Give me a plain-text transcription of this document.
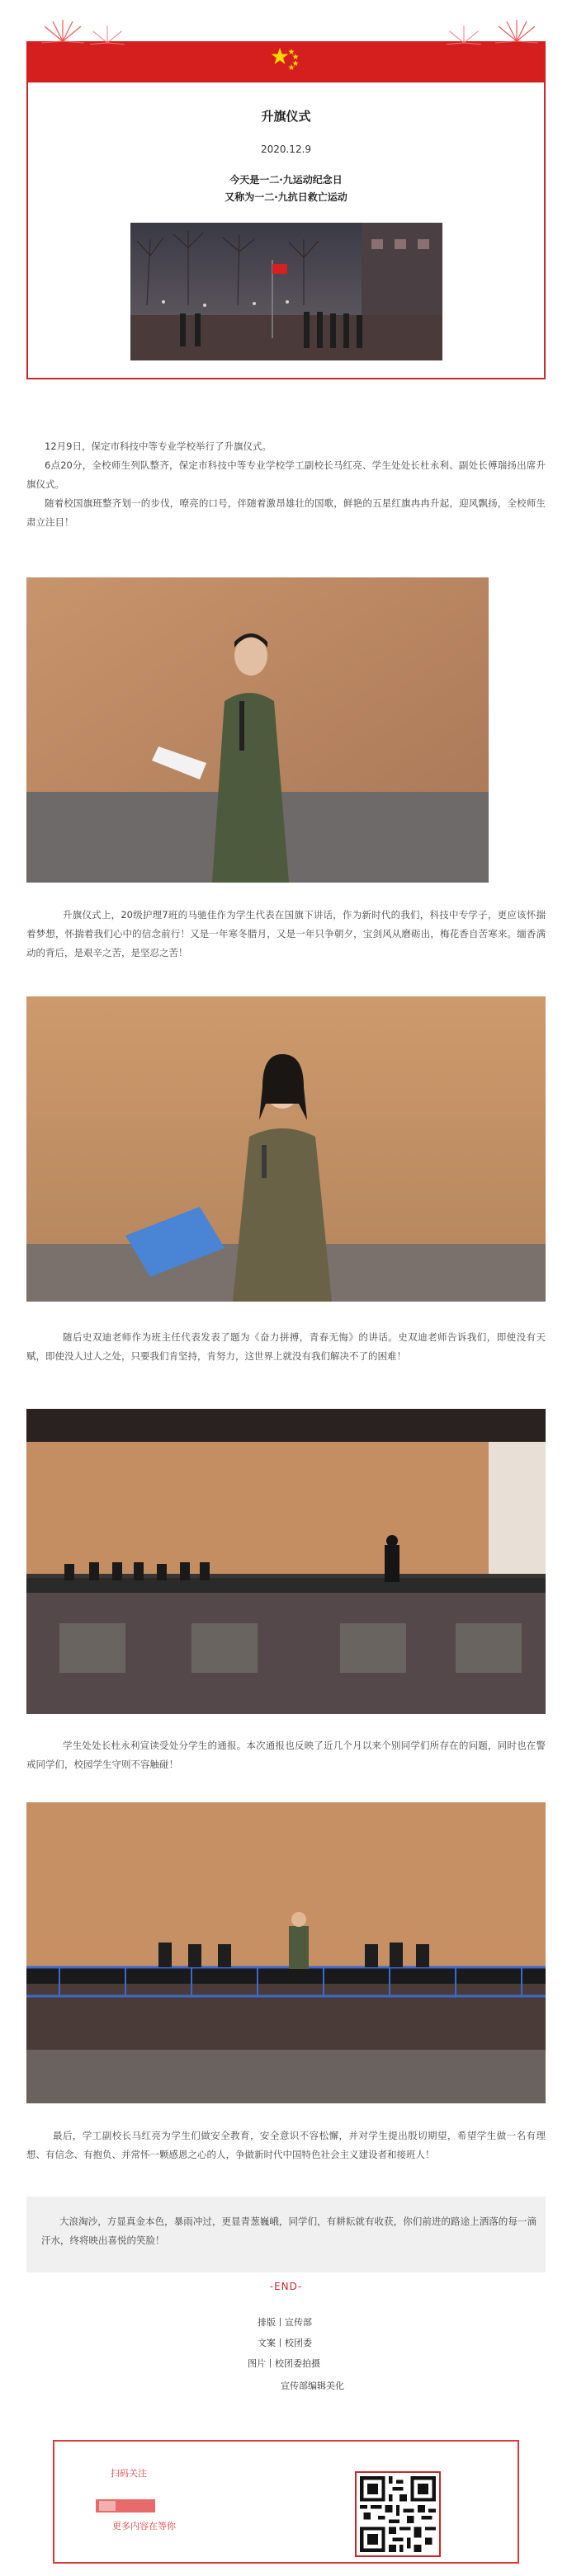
升旗仪式
2020.12.9
今天是一二·九运动纪念日
又称为一二·九抗日救亡运动
12月9日，保定市科技中等专业学校举行了升旗仪式。
6点20分，全校师生列队整齐，保定市科技中等专业学校学工副校长马红亮、学生处处长杜永利、副处长傅瑞扬出席升旗仪式。
随着校国旗班整齐划一的步伐，嘹亮的口号，伴随着激昂雄壮的国歌，鲜艳的五星红旗冉冉升起，迎风飘扬，全校师生肃立注目！
升旗仪式上，20级护理7班的马驰佳作为学生代表在国旗下讲话，作为新时代的我们，科技中专学子，更应该怀揣着梦想，怀揣着我们心中的信念前行！又是一年寒冬腊月，又是一年只争朝夕，宝剑风从磨砺出，梅花香自苦寒来。缅香满动的背后，是艰辛之苦，是坚忍之苦！
随后史双迪老师作为班主任代表发表了题为《奋力拼搏，青春无悔》的讲话。史双迪老师告诉我们，即使没有天赋，即使没人过人之处，只要我们肯坚持，肯努力，这世界上就没有我们解决不了的困难！
学生处处长杜永利宣读受处分学生的通报。本次通报也反映了近几个月以来个别同学们所存在的问题，同时也在警戒同学们，校园学生守则不容触碰！
最后，学工副校长马红亮为学生们做安全教育，安全意识不容松懈，并对学生提出殷切期望，希望学生做一名有理想、有信念、有抱负、并常怀一颗感恩之心的人，争做新时代中国特色社会主义建设者和接班人！
大浪淘沙，方显真金本色，暴雨冲过，更显青葱巍峨，同学们，有耕耘就有收获，你们前进的路途上洒落的每一滴汗水，终将映出喜悦的笑脸！
-END-
排版丨宣传部
文案丨校团委
图片丨校团委拍摄
宣传部编辑美化
扫码关注
更多内容在等你
